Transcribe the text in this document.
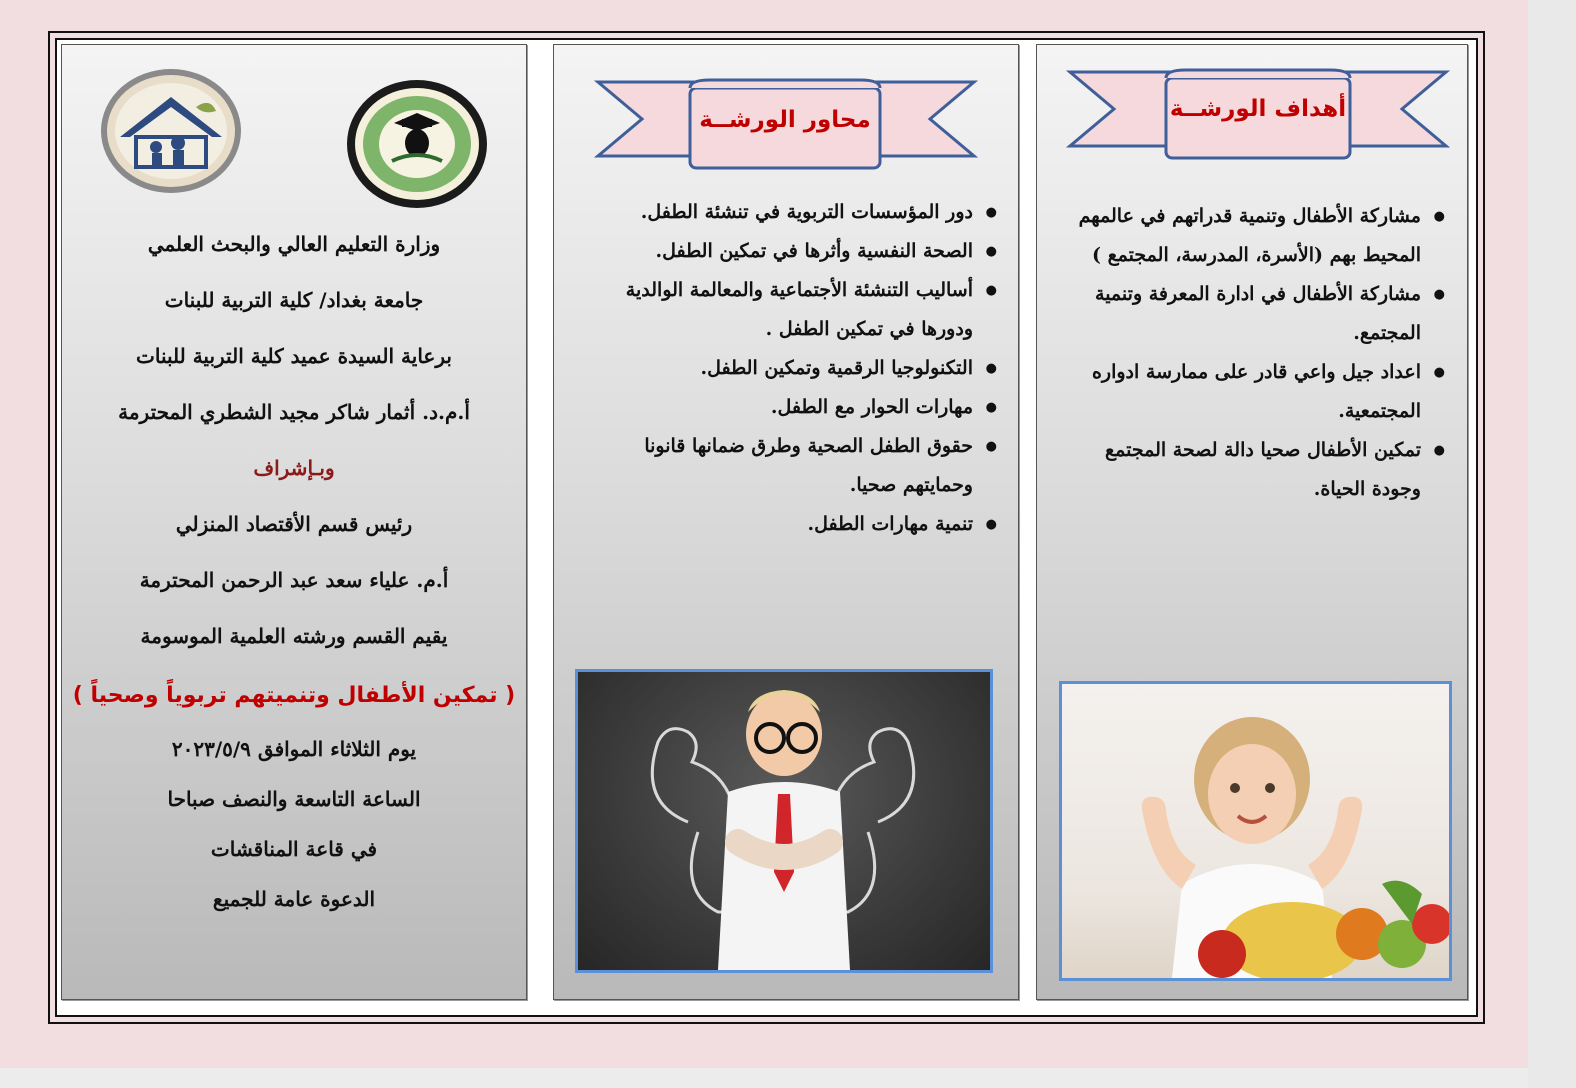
أهداف الورشــة
● مشاركة الأطفال وتنمية قدراتهم في عالمهم المحيط بهم (الأسرة، المدرسة، المجتمع )
● مشاركة الأطفال في ادارة المعرفة وتنمية المجتمع.
● اعداد جيل واعي قادر على ممارسة ادواره المجتمعية.
● تمكين الأطفال صحيا دالة لصحة المجتمع وجودة الحياة.
محاور الورشــة
● دور المؤسسات التربوية في تنشئة الطفل.
● الصحة النفسية وأثرها في تمكين الطفل.
● أساليب التنشئة الأجتماعية والمعالمة الوالدية ودورها في تمكين الطفل .
● التكنولوجيا الرقمية وتمكين الطفل.
● مهارات الحوار مع الطفل.
● حقوق الطفل الصحية وطرق ضمانها قانونا وحمايتهم صحيا.
● تنمية مهارات الطفل.
وزارة التعليم العالي والبحث العلمي
جامعة بغداد/ كلية التربية للبنات
برعاية السيدة عميد كلية التربية للبنات
أ.م.د. أثمار شاكر مجيد الشطري المحترمة
وبـإشراف
رئيس قسم الأقتصاد المنزلي
أ.م. علياء سعد عبد الرحمن المحترمة
يقيم القسم ورشته العلمية الموسومة
( تمكين الأطفال وتنميتهم تربوياً وصحياً )
يوم الثلاثاء الموافق ٢٠٢٣/٥/٩
الساعة التاسعة والنصف صباحا
في قاعة المناقشات
الدعوة عامة للجميع
